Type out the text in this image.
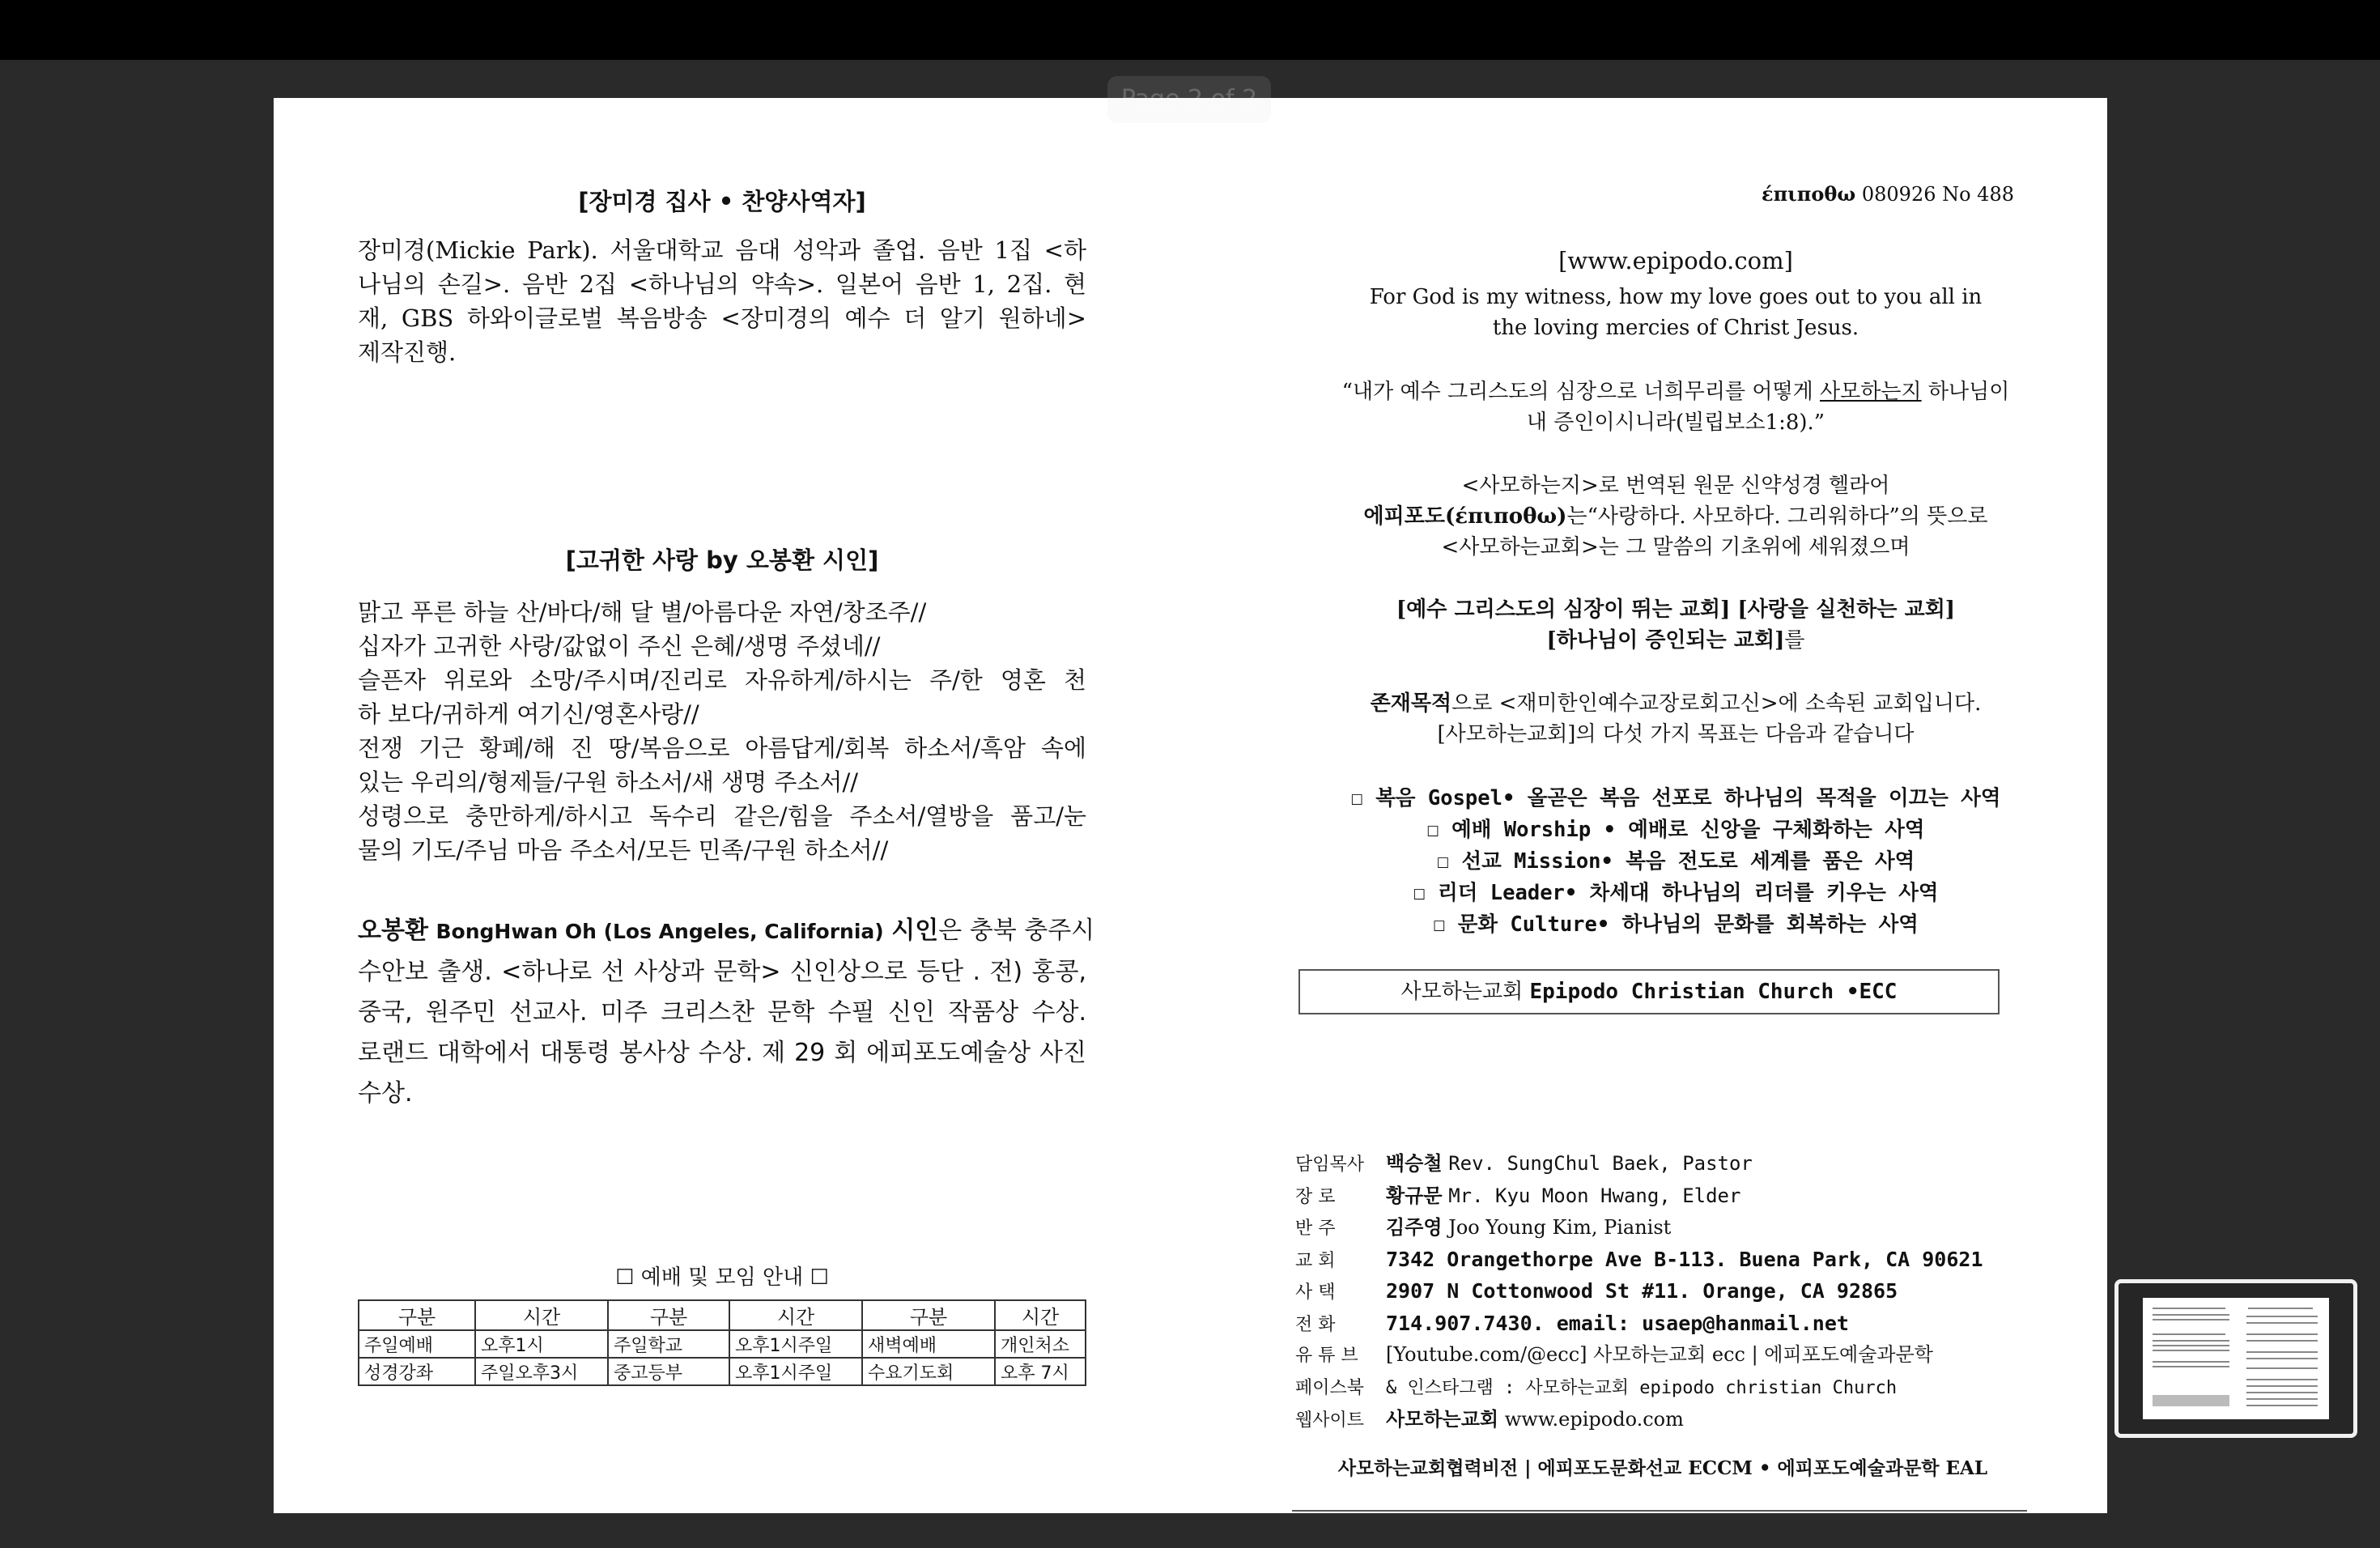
[장미경 집사 • 찬양사역자]
장미경(Mickie Park). 서울대학교 음대 성악과 졸업. 음반 1집 <하
나님의 손길>. 음반 2집 <하나님의 약속>. 일본어 음반 1, 2집. 현
재, GBS 하와이글로벌 복음방송 <장미경의 예수 더 알기 원하네>
제작진행.
[고귀한 사랑 by 오봉환 시인]
맑고 푸른 하늘 산/바다/해 달 별/아름다운 자연/창조주//
십자가 고귀한 사랑/값없이 주신 은혜/생명 주셨네//
슬픈자 위로와 소망/주시며/진리로 자유하게/하시는 주/한 영혼 천
하 보다/귀하게 여기신/영혼사랑//
전쟁 기근 황폐/해 진 땅/복음으로 아름답게/회복 하소서/흑암 속에
있는 우리의/형제들/구원 하소서/새 생명 주소서//
성령으로 충만하게/하시고 독수리 같은/힘을 주소서/열방을 품고/눈
물의 기도/주님 마음 주소서/모든 민족/구원 하소서//
오봉환 BongHwan Oh (Los Angeles, California) 시인은 충북 충주시
수안보 출생. <하나로 선 사상과 문학> 신인상으로 등단 . 전) 홍콩,
중국, 원주민 선교사. 미주 크리스찬 문학 수필 신인 작품상 수상.
로랜드 대학에서 대통령 봉사상 수상. 제 29 회 에피포도예술상 사진
수상.
☐ 예배 및 모임 안내 ☐
구분	시간	구분	시간	구분	시간
주일예배	오후1시	주일학교	오후1시주일	새벽예배	개인처소
성경강좌	주일오후3시	중고등부	오후1시주일	수요기도회	오후 7시
έπιποθω 080926 No 488
[www.epipodo.com]
For God is my witness, how my love goes out to you all in
the loving mercies of Christ Jesus.
“내가 예수 그리스도의 심장으로 너희무리를 어떻게 사모하는지 하나님이
내 증인이시니라(빌립보소1:8).”
<사모하는지>로 번역된 원문 신약성경 헬라어
에피포도(έπιποθω)는“사랑하다. 사모하다. 그리워하다”의 뜻으로
<사모하는교회>는 그 말씀의 기초위에 세워졌으며
[예수 그리스도의 심장이 뛰는 교회] [사랑을 실천하는 교회]
[하나님이 증인되는 교회]를
존재목적으로 <재미한인예수교장로회고신>에 소속된 교회입니다.
[사모하는교회]의 다섯 가지 목표는 다음과 같습니다
☐ 복음 Gospel• 올곧은 복음 선포로 하나님의 목적을 이끄는 사역
☐ 예배 Worship • 예배로 신앙을 구체화하는 사역
☐ 선교 Mission• 복음 전도로 세계를 품은 사역
☐ 리더 Leader• 차세대 하나님의 리더를 키우는 사역
☐ 문화 Culture• 하나님의 문화를 회복하는 사역
사모하는교회 Epipodo Christian Church •ECC
담임목사 백승철 Rev. SungChul Baek, Pastor
장 로	황규문 Mr. Kyu Moon Hwang, Elder
반 주	김주영 Joo Young Kim, Pianist
교 회	7342 Orangethorpe Ave B-113. Buena Park, CA 90621
사 택	2907 N Cottonwood St #11. Orange, CA 92865
전 화	714.907.7430. email: usaep@hanmail.net
유 튜 브 [Youtube.com/@ecc] 사모하는교회 ecc | 에피포도예술과문학
페이스북 & 인스타그램 : 사모하는교회 epipodo christian Church
웹사이트 사모하는교회 www.epipodo.com
사모하는교회협력비전 | 에피포도문화선교 ECCM • 에피포도예술과문학 EAL
Page 2 of 2
